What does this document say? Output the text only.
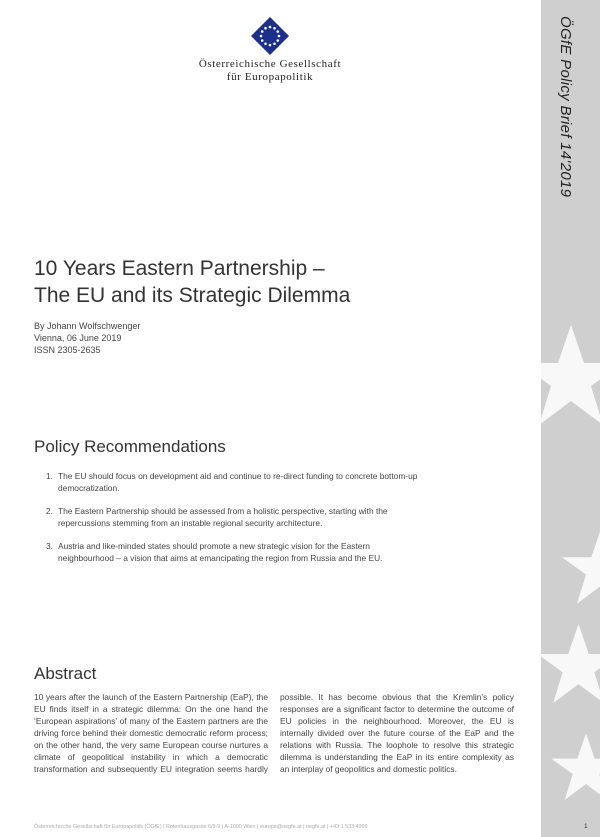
ÖGfE Policy Brief 14'2019
Österreichische Gesellschaft
für Europapolitik
10 Years Eastern Partnership –
The EU and its Strategic Dilemma
By Johann Wolfschwenger
Vienna, 06 June 2019
ISSN 2305-2635
Policy Recommendations
1. The EU should focus on development aid and continue to re-direct funding to concrete bottom-up democratization.
2. The Eastern Partnership should be assessed from a holistic perspective, starting with the repercussions stemming from an instable regional security architecture.
3. Austria and like-minded states should promote a new strategic vision for the Eastern neighbourhood – a vision that aims at emancipating the region from Russia and the EU.
Abstract
10 years after the launch of the Eastern Partnership (EaP), the EU finds itself in a strategic dilemma: On the one hand the ‘European aspirations’ of many of the Eastern partners are the driving force behind their domestic democratic reform process; on the other hand, the very same European course nurtures a climate of geopolitical instability in which a democratic transformation and subsequently EU integration seems hardly possible. It has become obvious that the Kremlin’s policy responses are a significant factor to determine the outcome of EU policies in the neighbourhood. Moreover, the EU is internally divided over the future course of the EaP and the relations with Russia. The loophole to resolve this strategic dilemma is understanding the EaP in its entire complexity as an interplay of geopolitics and domestic politics.
Österreichische Gesellschaft für Europapolitik (ÖGfE) | Rotenhausgasse 6/8-9 | A-1090 Wien | europa@oegfe.at | oegfe.at | +43 1 533 4999	1
